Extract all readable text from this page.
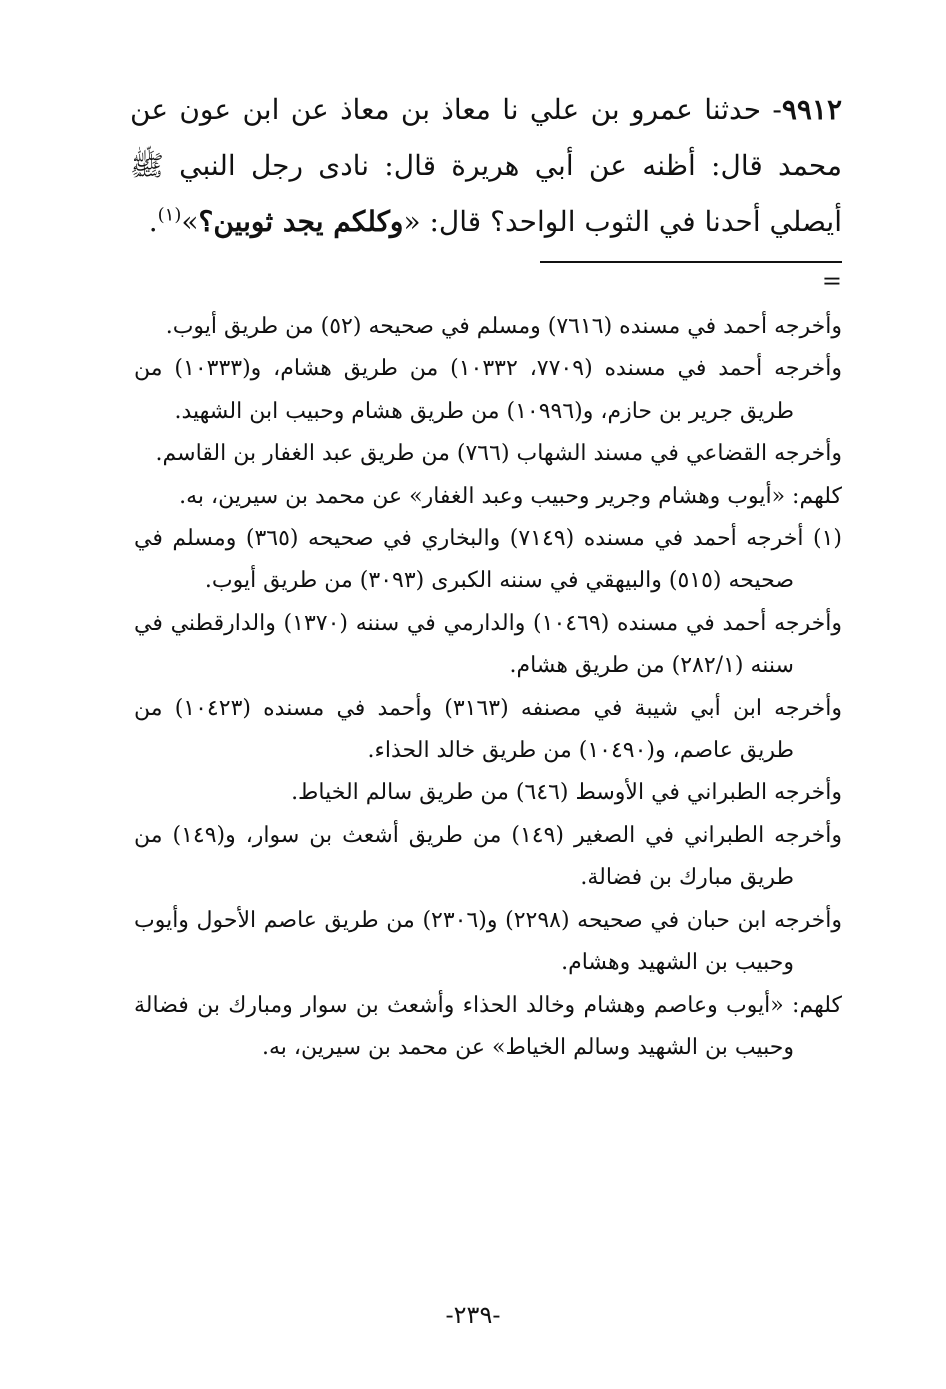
٩٩١٢- حدثنا عمرو بن علي نا معاذ بن معاذ عن ابن عون عن محمد قال: أظنه عن أبي هريرة قال: نادى رجل النبي ﷺ أيصلي أحدنا في الثوب الواحد؟ قال: «وكلكم يجد ثوبين؟»$^{(١)}$.
=

وأخرجه أحمد في مسنده (٧٦١٦) ومسلم في صحيحه (٥٢) من طريق أيوب.

وأخرجه أحمد في مسنده (٧٧٠٩، ١٠٣٣٢) من طريق هشام، و(١٠٣٣٣) من طريق جرير بن حازم، و(١٠٩٩٦) من طريق هشام وحبيب ابن الشهيد.

وأخرجه القضاعي في مسند الشهاب (٧٦٦) من طريق عبد الغفار بن القاسم.

كلهم: «أيوب وهشام وجرير وحبيب وعبد الغفار» عن محمد بن سيرين، به.

(١) أخرجه أحمد في مسنده (٧١٤٩) والبخاري في صحيحه (٣٦٥) ومسلم في صحيحه (٥١٥) والبيهقي في سننه الكبرى (٣٠٩٣) من طريق أيوب.

وأخرجه أحمد في مسنده (١٠٤٦٩) والدارمي في سننه (١٣٧٠) والدارقطني في سننه (٢٨٢/١) من طريق هشام.

وأخرجه ابن أبي شيبة في مصنفه (٣١٦٣) وأحمد في مسنده (١٠٤٢٣) من طريق عاصم، و(١٠٤٩٠) من طريق خالد الحذاء.

وأخرجه الطبراني في الأوسط (٦٤٦) من طريق سالم الخياط.

وأخرجه الطبراني في الصغير (١٤٩) من طريق أشعث بن سوار، و(١٤٩) من طريق مبارك بن فضالة.

وأخرجه ابن حبان في صحيحه (٢٢٩٨) و(٢٣٠٦) من طريق عاصم الأحول وأيوب وحبيب بن الشهيد وهشام.

كلهم: «أيوب وعاصم وهشام وخالد الحذاء وأشعث بن سوار ومبارك بن فضالة وحبيب بن الشهيد وسالم الخياط» عن محمد بن سيرين، به.

-٢٣٩-
